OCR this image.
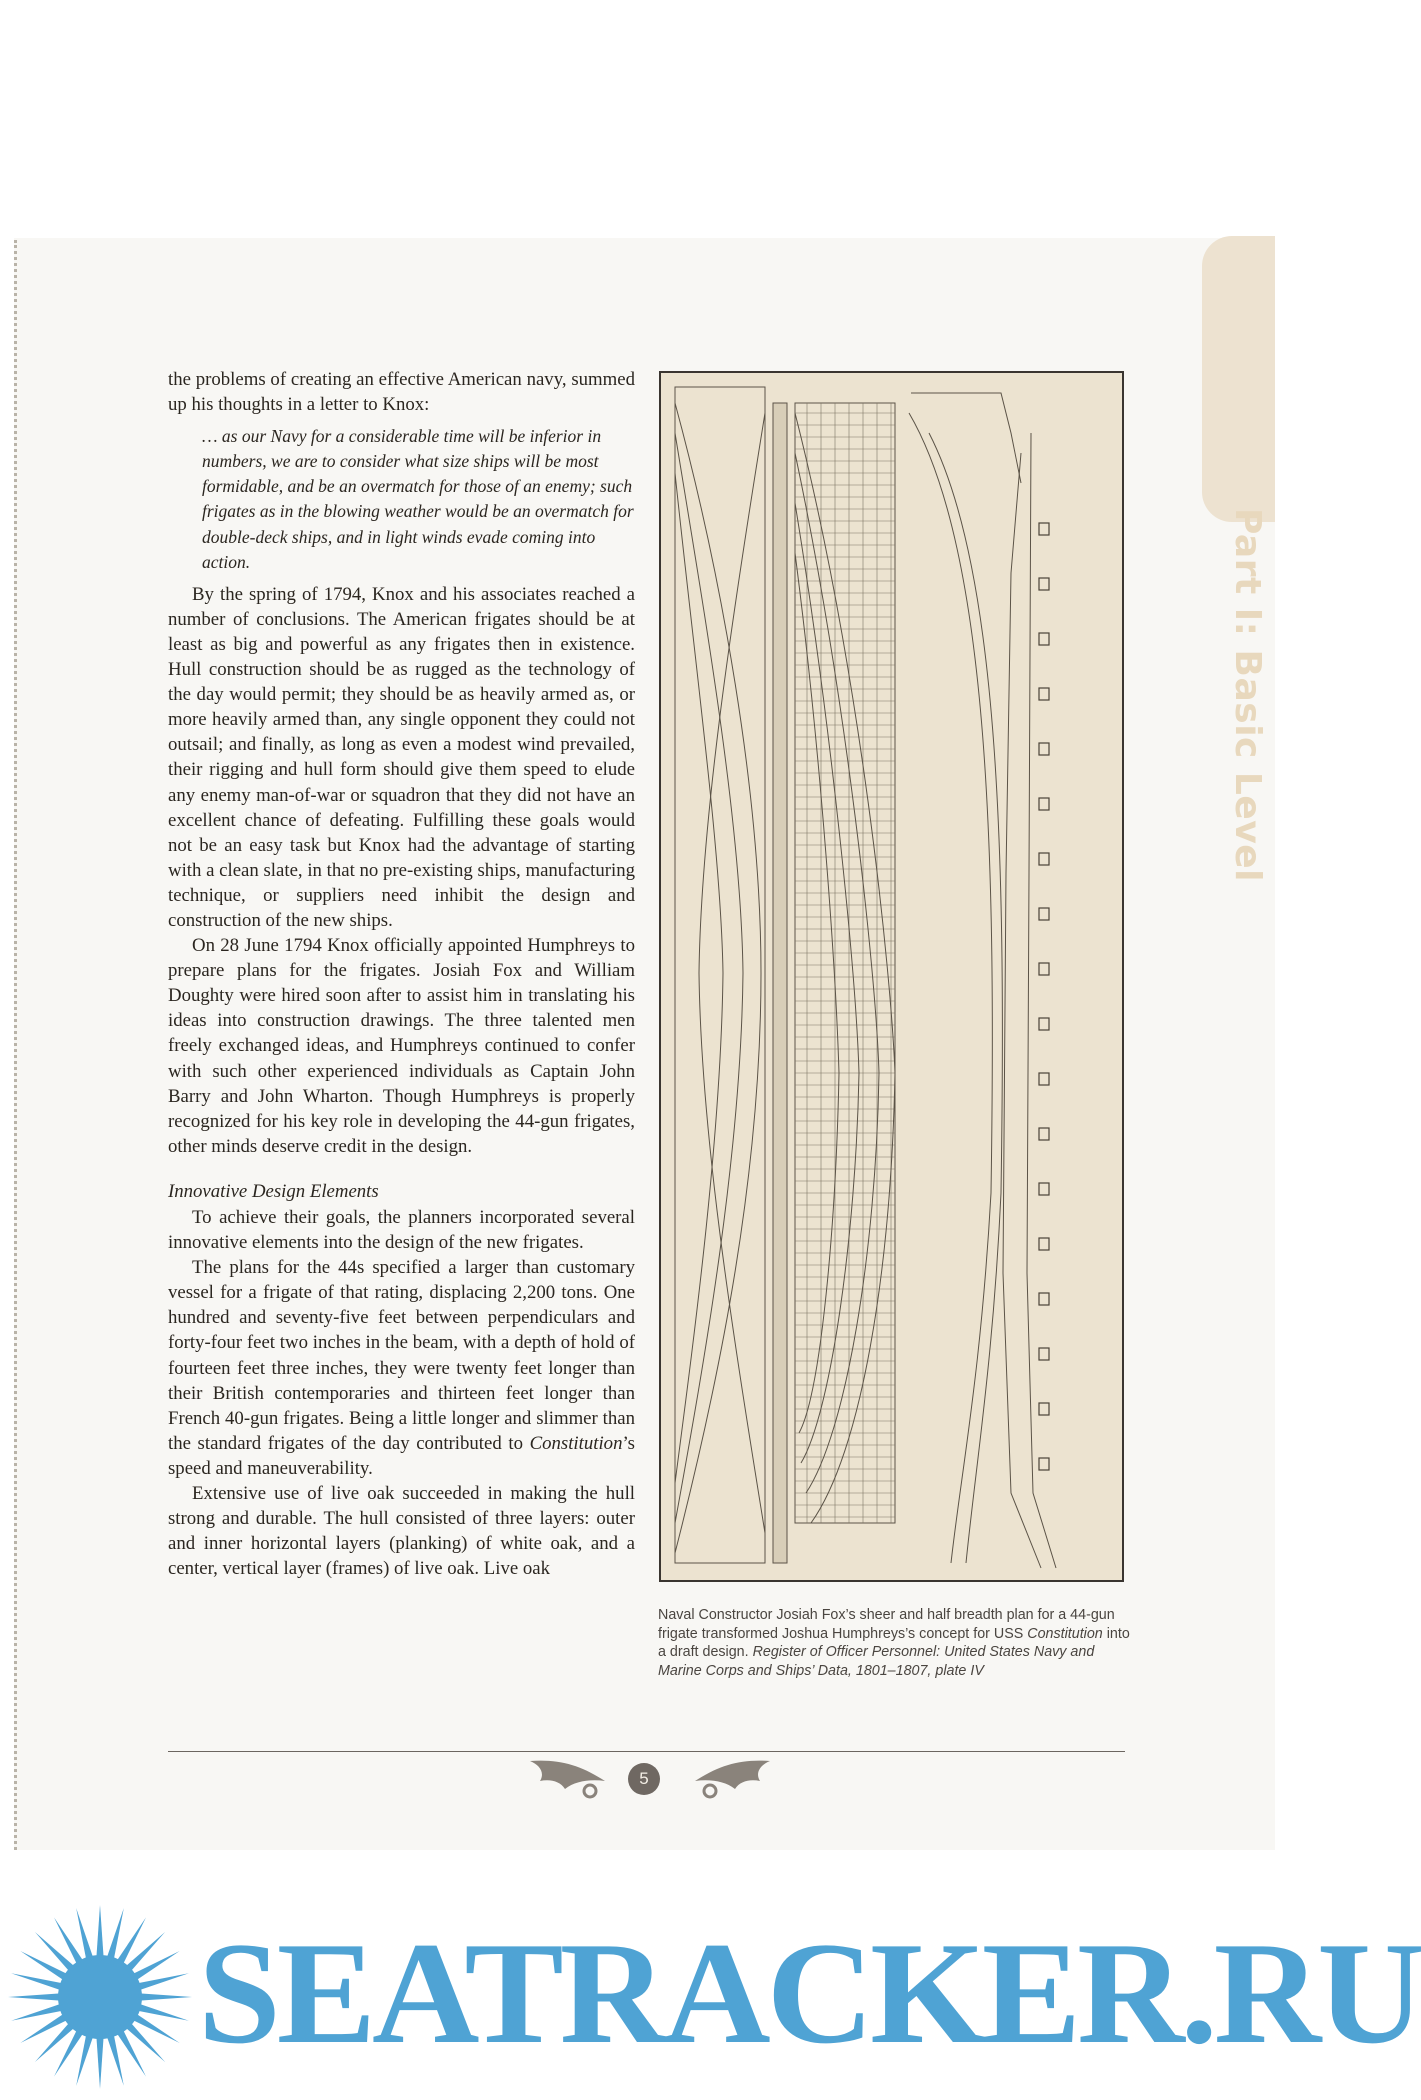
Part I: Basic Level

the problems of creating an effective American navy, summed up his thoughts in a letter to Knox:

… as our Navy for a considerable time will be inferior in numbers, we are to consider what size ships will be most formidable, and be an overmatch for those of an enemy; such frigates as in the blowing weather would be an overmatch for double-deck ships, and in light winds evade coming into action.

By the spring of 1794, Knox and his associates reached a number of conclusions. The American frigates should be at least as big and powerful as any frigates then in existence. Hull construction should be as rugged as the technology of the day would permit; they should be as heavily armed as, or more heavily armed than, any single opponent they could not outsail; and finally, as long as even a modest wind prevailed, their rigging and hull form should give them speed to elude any enemy man-of-war or squadron that they did not have an excellent chance of defeating. Fulfilling these goals would not be an easy task but Knox had the advantage of starting with a clean slate, in that no pre-existing ships, manufacturing technique, or suppliers need inhibit the design and construction of the new ships.

On 28 June 1794 Knox officially appointed Humphreys to prepare plans for the frigates. Josiah Fox and William Doughty were hired soon after to assist him in translating his ideas into construction drawings. The three talented men freely exchanged ideas, and Humphreys continued to confer with such other experienced individuals as Captain John Barry and John Wharton. Though Humphreys is properly recognized for his key role in developing the 44-gun frigates, other minds deserve credit in the design.

Innovative Design Elements

To achieve their goals, the planners incorporated several innovative elements into the design of the new frigates.

The plans for the 44s specified a larger than customary vessel for a frigate of that rating, displacing 2,200 tons. One hundred and seventy-five feet between perpendiculars and forty-four feet two inches in the beam, with a depth of hold of fourteen feet three inches, they were twenty feet longer than their British contemporaries and thirteen feet longer than French 40-gun frigates. Being a little longer and slimmer than the standard frigates of the day contributed to Constitution’s speed and maneuverability.

Extensive use of live oak succeeded in making the hull strong and durable. The hull consisted of three layers: outer and inner horizontal layers (planking) of white oak, and a center, vertical layer (frames) of live oak. Live oak

Naval Constructor Josiah Fox’s sheer and half breadth plan for a 44-gun frigate transformed Joshua Humphreys’s concept for USS Constitution into a draft design. Register of Officer Personnel: United States Navy and Marine Corps and Ships’ Data, 1801–1807, plate IV
5
SEATRACKER.RU
